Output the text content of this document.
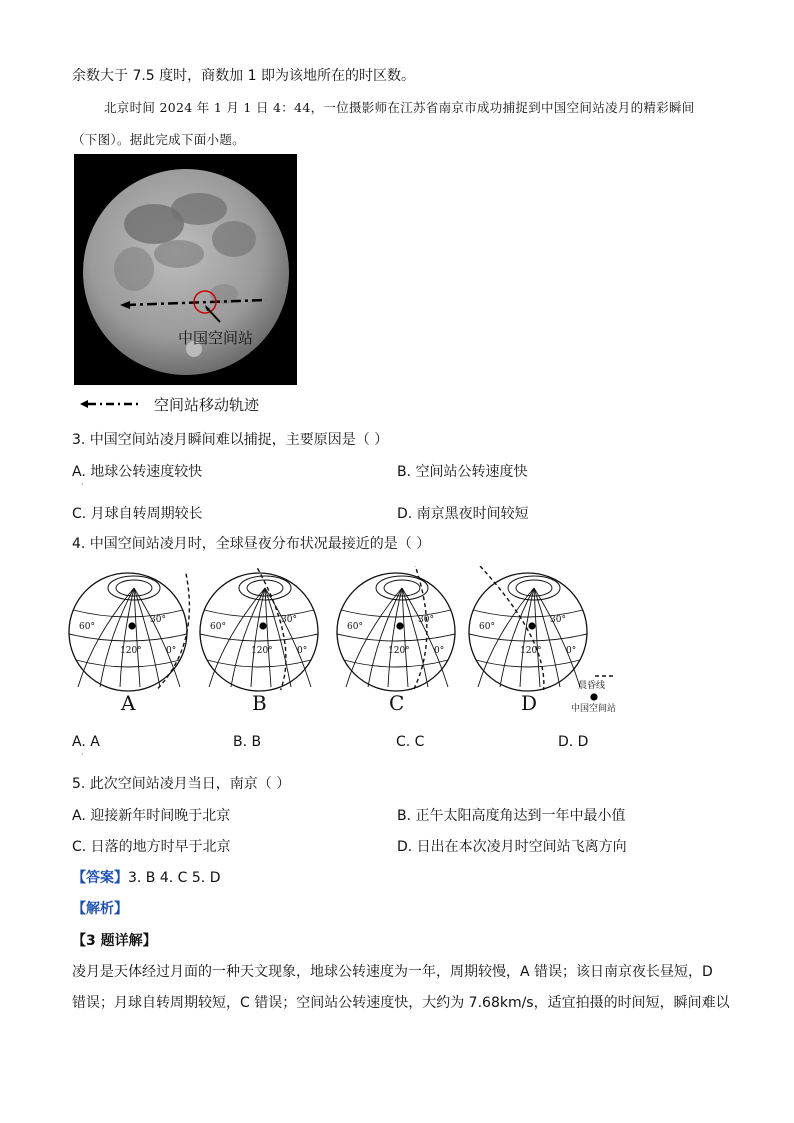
余数大于 7.5 度时，商数加 1 即为该地所在的时区数。
北京时间 2024 年 1 月 1 日 4：44，一位摄影师在江苏省南京市成功捕捉到中国空间站凌月的精彩瞬间
（下图）。据此完成下面小题。
中国空间站
空间站移动轨迹
3. 中国空间站凌月瞬间难以捕捉，主要原因是（ ）
A. 地球公转速度较快
·
B. 空间站公转速度快
C. 月球自转周期较长	D. 南京黑夜时间较短
4. 中国空间站凌月时，全球昼夜分布状况最接近的是（ ）
60°
30°
120°	0°
A
60°
30°
120°	0°
B
60°
30°
120°	0°
C
60°
30°
120°	0°
D
晨昏线
中国空间站
A. A
·
B. B	C. C	D. D
5. 此次空间站凌月当日，南京（ ）
A. 迎接新年时间晚于北京	B. 正午太阳高度角达到一年中最小值
C. 日落的地方时早于北京	D. 日出在本次凌月时空间站飞离方向
【答案】3. B 4. C 5. D
【解析】
【3 题详解】
凌月是天体经过月面的一种天文现象，地球公转速度为一年，周期较慢，A 错误；该日南京夜长昼短，D
错误；月球自转周期较短，C 错误；空间站公转速度快，大约为 7.68km/s，适宜拍摄的时间短，瞬间难以
